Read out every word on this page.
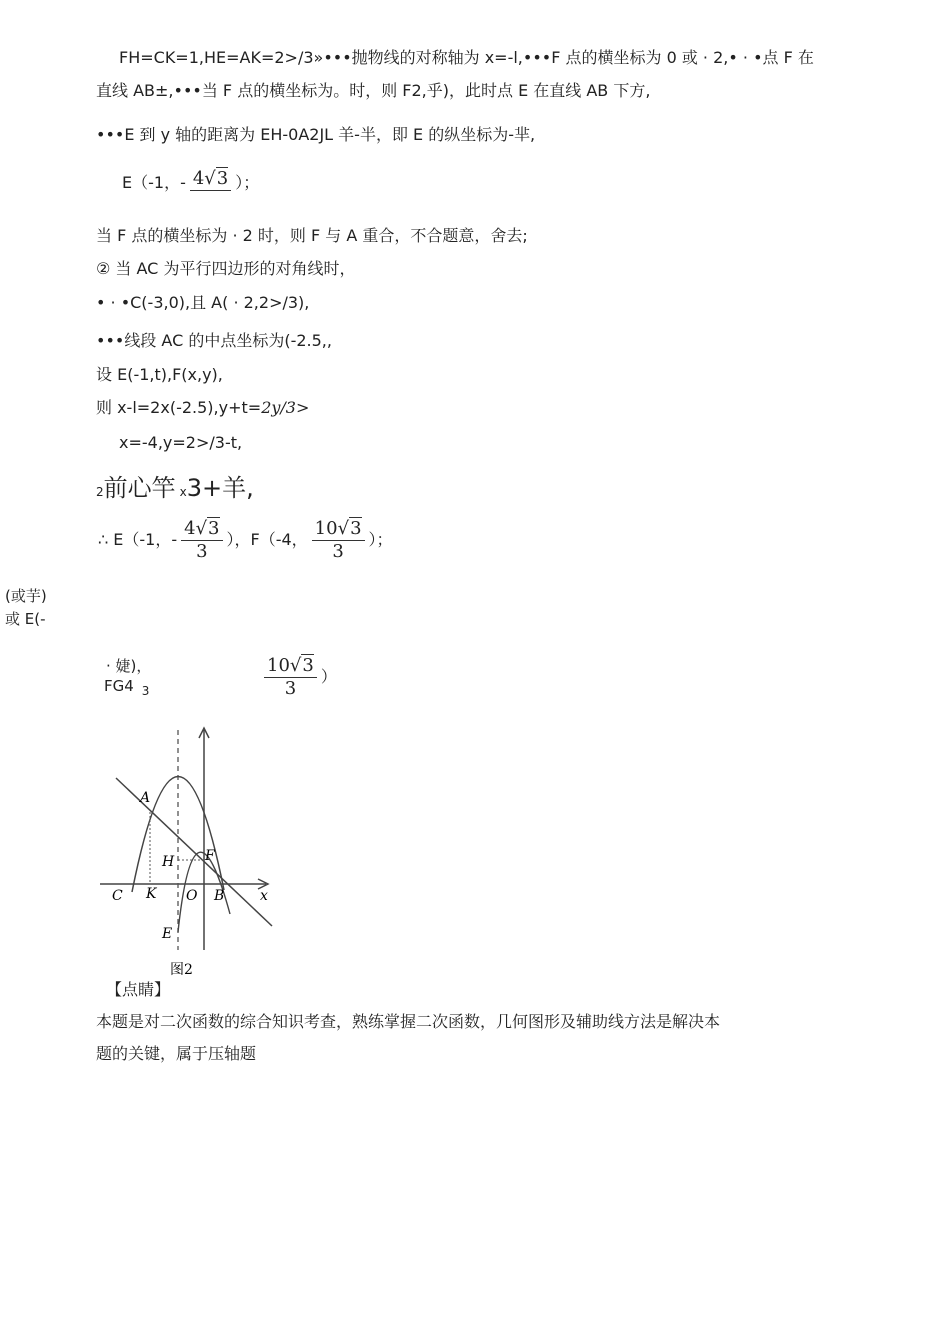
FH=CK=1,HE=AK=2>/3»•••抛物线的对称轴为 x=-l,•••F 点的横坐标为 0 或 · 2,• · •点 F 在
直线 AB±,•••当 F 点的横坐标为。时，则 F2,乎)，此时点 E 在直线 AB 下方,
•••E 到 y 轴的距离为 EH-0A2JL 羊-半，即 E 的纵坐标为-芈,
E（-1，- 4√3 ）；
当 F 点的横坐标为 · 2 时，则 F 与 A 重合，不合题意，舍去;
② 当 AC 为平行四边形的对角线时，
• · •C(-3,0),且 A( · 2,2>/3),
•••线段 AC 的中点坐标为(-2.5,,
设 E(-1,t),F(x,y),
则 x-l=2x(-2.5),y+t=2y/3>
x=-4,y=2>/3-t,
2前心竿 x3+羊,
∴ E（-1，- $\frac{4√3}{3}$ ），F（-4， $\frac{10√3}{3}$ ）；
(或芋)
或 E(-
· 婕)，
FG4 $_3$	$\frac{10√3}{3}$ ）
A
H F
C K O B	x
E
图2
【点睛】
本题是对二次函数的综合知识考查，熟练掌握二次函数，几何图形及辅助线方法是解决本
题的关键，属于压轴题
